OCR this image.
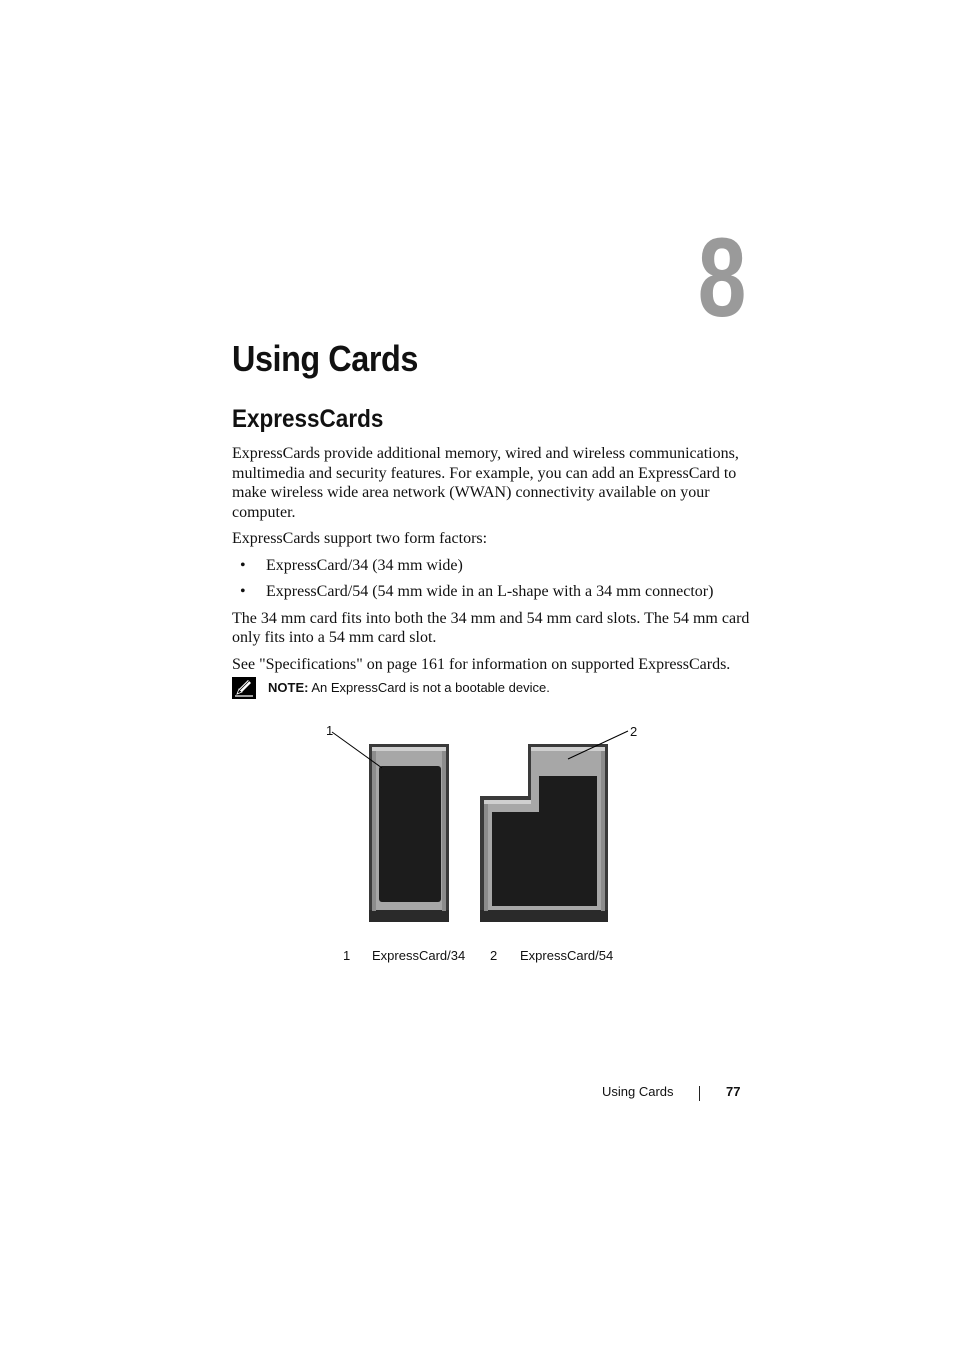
8
Using Cards
ExpressCards

ExpressCards provide additional memory, wired and wireless communications, multimedia and security features. For example, you can add an ExpressCard to make wireless wide area network (WWAN) connectivity available on your computer.

ExpressCards support two form factors:

• ExpressCard/34 (34 mm wide)
• ExpressCard/54 (54 mm wide in an L-shape with a 34 mm connector)

The 34 mm card fits into both the 34 mm and 54 mm card slots. The 54 mm card only fits into a 54 mm card slot.

See "Specifications" on page 161 for information on supported ExpressCards.

NOTE: An ExpressCard is not a bootable device.
1	2
1 ExpressCard/34 2 ExpressCard/54
Using Cards	77
